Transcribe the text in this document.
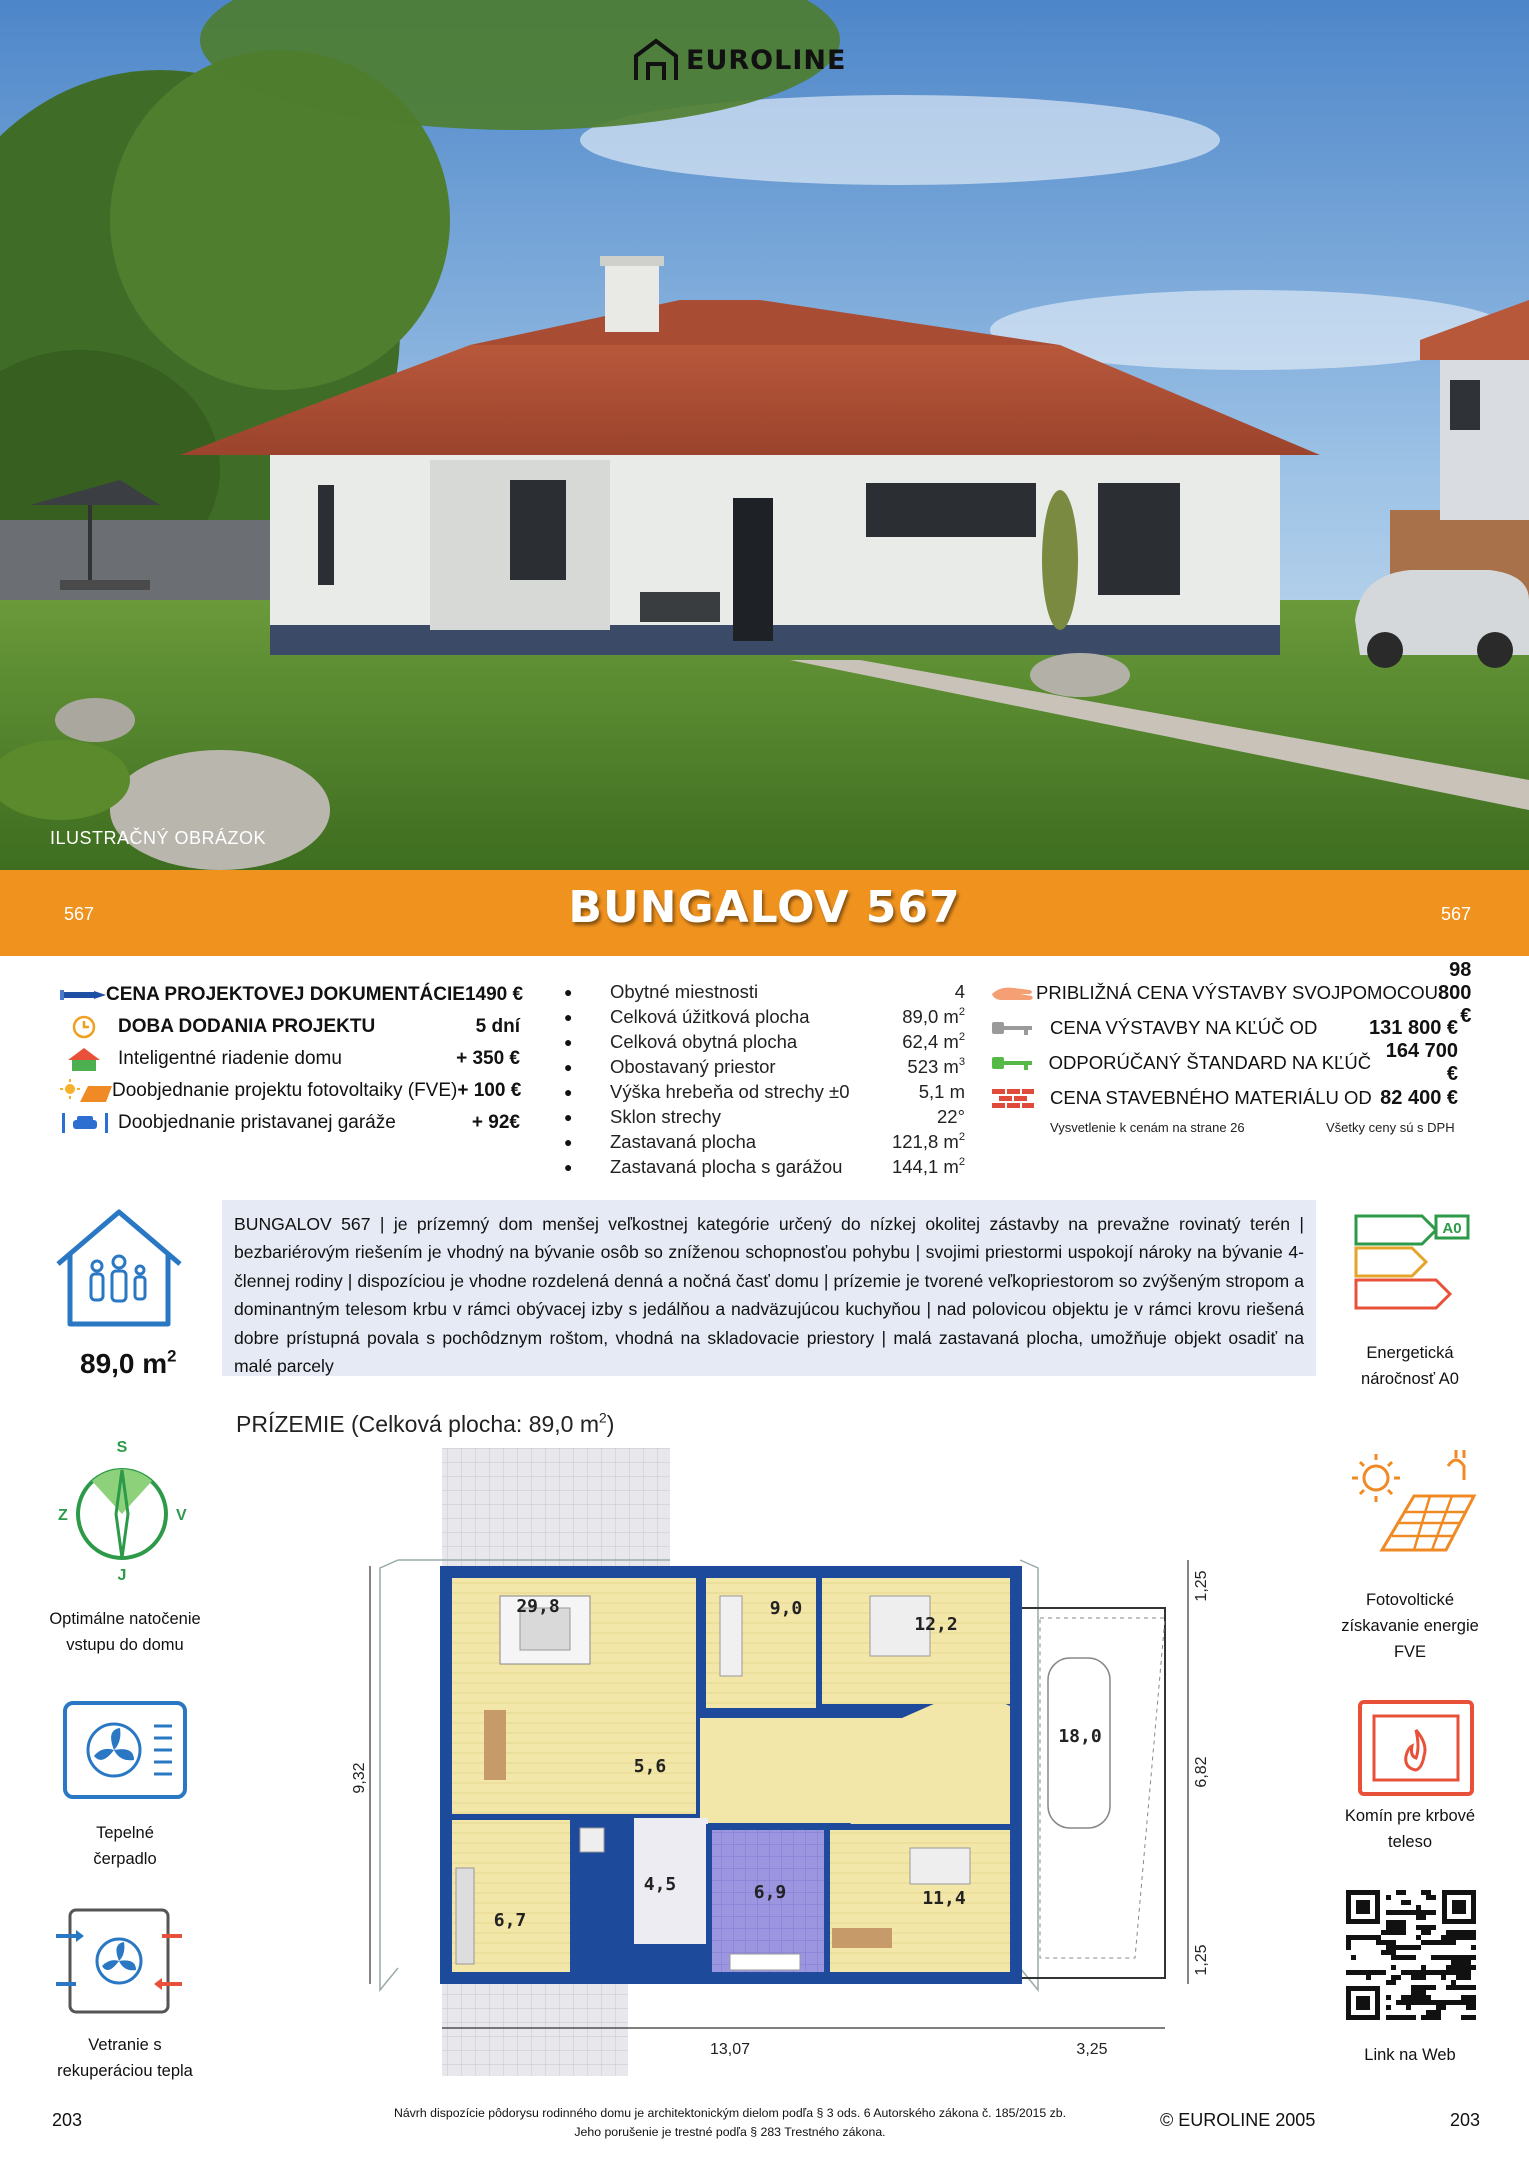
EUROLINE
ILUSTRAČNÝ OBRÁZOK
567	BUNGALOV 567	567
CENA PROJEKTOVEJ DOKUMENTÁCIE 1490 €
DOBA DODANIA PROJEKTU	5 dní
Inteligentné riadenie domu	+ 350 €
Doobjednanie projektu fotovoltaiky (FVE) + 100 €
Doobjednanie pristavanej garáže	+ 92€
●	Obytné miestnosti	4
●	Celková úžitková plocha	89,0 $m^2$
●	Celková obytná plocha	62,4 $m^2$
●	Obostavaný priestor	523 $m^3$
●	Výška hrebeňa od strechy ±0	5,1 m
●	Sklon strechy	22°
●	Zastavaná plocha	121,8 $m^2$
●	Zastavaná plocha s garážou	144,1 $m^2$
PRIBLIŽNÁ CENA VÝSTAVBY SVOJPOMOCOU
98 800 €
CENA VÝSTAVBY NA KĽÚČ OD	131 800 €
ODPORÚČANÝ ŠTANDARD NA KĽÚČ
164 700 €
CENA STAVEBNÉHO MATERIÁLU OD 82 400 €
Vysvetlenie k cenám na strane 26	Všetky ceny sú s DPH
89,0 $m^2$
S
Z	V
J
Optimálne natočenie
vstupu do domu
Tepelné
čerpadlo
Vetranie s
rekuperáciou tepla
BUNGALOV 567 | je prízemný dom menšej veľkostnej kategórie určený do nízkej okolitej zástavby na prevažne rovinatý terén | bezbariérovým riešením je vhodný na bývanie osôb so zníženou schopnosťou pohybu | svojimi priestormi uspokojí nároky na bývanie 4-člennej rodiny | dispozíciou je vhodne rozdelená denná a nočná časť domu | prízemie je tvorené veľkopriestorom so zvýšeným stropom a dominantným telesom krbu v rámci obývacej izby s jedálňou a nadväzujúcou kuchyňou | nad polovicou objektu je v rámci krovu riešená dobre prístupná povala s pochôdznym roštom, vhodná na skladovacie priestory | malá zastavaná plocha, umožňuje objekt osadiť na malé parcely
A0
Energetická
náročnosť A0
Fotovoltické
získavanie energie
FVE
Komín pre krbové
teleso
Link na Web
PRÍZEMIE (Celková plocha: 89,0 $m^2$)
29,8	9,0
12,2
5,6
18,0
4,5	6,9	11,4
6,7
13,07	3,25
9,32
1,25
6,82
1,25
Návrh dispozície pôdorysu rodinného domu je architektonickým dielom podľa § 3 ods. 6 Autorského zákona č. 185/2015 zb.
Jeho porušenie je trestné podľa § 283 Trestného zákona.
© EUROLINE 2005
203	203
